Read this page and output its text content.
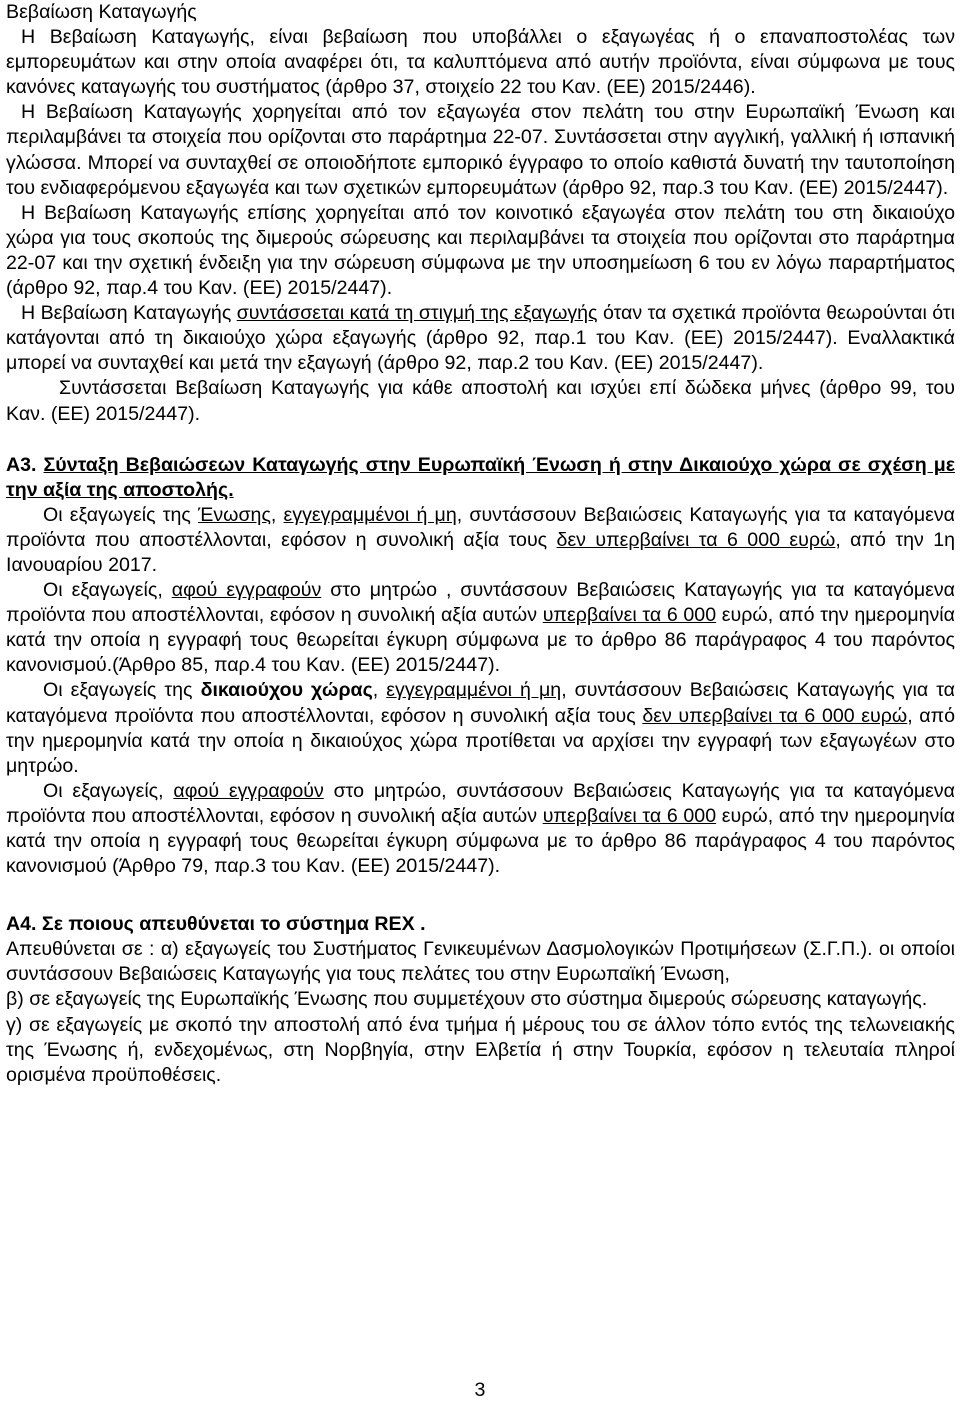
Βεβαίωση Καταγωγής

Η Βεβαίωση Καταγωγής, είναι βεβαίωση που υποβάλλει ο εξαγωγέας ή ο επαναποστολέας των εμπορευμάτων και στην οποία αναφέρει ότι, τα καλυπτόμενα από αυτήν προϊόντα, είναι σύμφωνα με τους κανόνες καταγωγής του συστήματος (άρθρο 37, στοιχείο 22 του Καν. (ΕΕ) 2015/2446).

Η Βεβαίωση Καταγωγής χορηγείται από τον εξαγωγέα στον πελάτη του στην Ευρωπαϊκή Ένωση και περιλαμβάνει τα στοιχεία που ορίζονται στο παράρτημα 22-07. Συντάσσεται στην αγγλική, γαλλική ή ισπανική γλώσσα. Μπορεί να συνταχθεί σε οποιοδήποτε εμπορικό έγγραφο το οποίο καθιστά δυνατή την ταυτοποίηση του ενδιαφερόμενου εξαγωγέα και των σχετικών εμπορευμάτων (άρθρο 92, παρ.3 του Καν. (ΕΕ) 2015/2447).

Η Βεβαίωση Καταγωγής επίσης χορηγείται από τον κοινοτικό εξαγωγέα στον πελάτη του στη δικαιούχο χώρα για τους σκοπούς της διμερούς σώρευσης και περιλαμβάνει τα στοιχεία που ορίζονται στο παράρτημα 22-07 και την σχετική ένδειξη για την σώρευση σύμφωνα με την υποσημείωση 6 του εν λόγω παραρτήματος (άρθρο 92, παρ.4 του Καν. (ΕΕ) 2015/2447).

Η Βεβαίωση Καταγωγής συντάσσεται κατά τη στιγμή της εξαγωγής όταν τα σχετικά προϊόντα θεωρούνται ότι κατάγονται από τη δικαιούχο χώρα εξαγωγής (άρθρο 92, παρ.1 του Καν. (ΕΕ) 2015/2447). Εναλλακτικά μπορεί να συνταχθεί και μετά την εξαγωγή (άρθρο 92, παρ.2 του Καν. (ΕΕ) 2015/2447).

Συντάσσεται Βεβαίωση Καταγωγής για κάθε αποστολή και ισχύει επί δώδεκα μήνες (άρθρο 99, του Καν. (ΕΕ) 2015/2447).

Α3. Σύνταξη Βεβαιώσεων Καταγωγής στην Ευρωπαϊκή Ένωση ή στην Δικαιούχο χώρα σε σχέση με την αξία της αποστολής.

Οι εξαγωγείς της Ένωσης, εγγεγραμμένοι ή μη, συντάσσουν Βεβαιώσεις Καταγωγής για τα καταγόμενα προϊόντα που αποστέλλονται, εφόσον η συνολική αξία τους δεν υπερβαίνει τα 6 000 ευρώ, από την 1η Ιανουαρίου 2017.

Οι εξαγωγείς, αφού εγγραφούν στο μητρώο , συντάσσουν Βεβαιώσεις Καταγωγής για τα καταγόμενα προϊόντα που αποστέλλονται, εφόσον η συνολική αξία αυτών υπερβαίνει τα 6 000 ευρώ, από την ημερομηνία κατά την οποία η εγγραφή τους θεωρείται έγκυρη σύμφωνα με το άρθρο 86 παράγραφος 4 του παρόντος κανονισμού.(Άρθρο 85, παρ.4 του Καν. (ΕΕ) 2015/2447).

Οι εξαγωγείς της δικαιούχου χώρας, εγγεγραμμένοι ή μη, συντάσσουν Βεβαιώσεις Καταγωγής για τα καταγόμενα προϊόντα που αποστέλλονται, εφόσον η συνολική αξία τους δεν υπερβαίνει τα 6 000 ευρώ, από την ημερομηνία κατά την οποία η δικαιούχος χώρα προτίθεται να αρχίσει την εγγραφή των εξαγωγέων στο μητρώο.

Οι εξαγωγείς, αφού εγγραφούν στο μητρώο, συντάσσουν Βεβαιώσεις Καταγωγής για τα καταγόμενα προϊόντα που αποστέλλονται, εφόσον η συνολική αξία αυτών υπερβαίνει τα 6 000 ευρώ, από την ημερομηνία κατά την οποία η εγγραφή τους θεωρείται έγκυρη σύμφωνα με το άρθρο 86 παράγραφος 4 του παρόντος κανονισμού (Άρθρο 79, παρ.3 του Καν. (ΕΕ) 2015/2447).

Α4. Σε ποιους απευθύνεται το σύστημα REX .

Απευθύνεται σε : α) εξαγωγείς του Συστήματος Γενικευμένων Δασμολογικών Προτιμήσεων (Σ.Γ.Π.). οι οποίοι συντάσσουν Βεβαιώσεις Καταγωγής για τους πελάτες του στην Ευρωπαϊκή Ένωση,

β) σε εξαγωγείς της Ευρωπαϊκής Ένωσης που συμμετέχουν στο σύστημα διμερούς σώρευσης καταγωγής.

γ) σε εξαγωγείς με σκοπό την αποστολή από ένα τμήμα ή μέρους του σε άλλον τόπο εντός της τελωνειακής της Ένωσης ή, ενδεχομένως, στη Νορβηγία, στην Ελβετία ή στην Τουρκία, εφόσον η τελευταία πληροί ορισμένα προϋποθέσεις.

3
